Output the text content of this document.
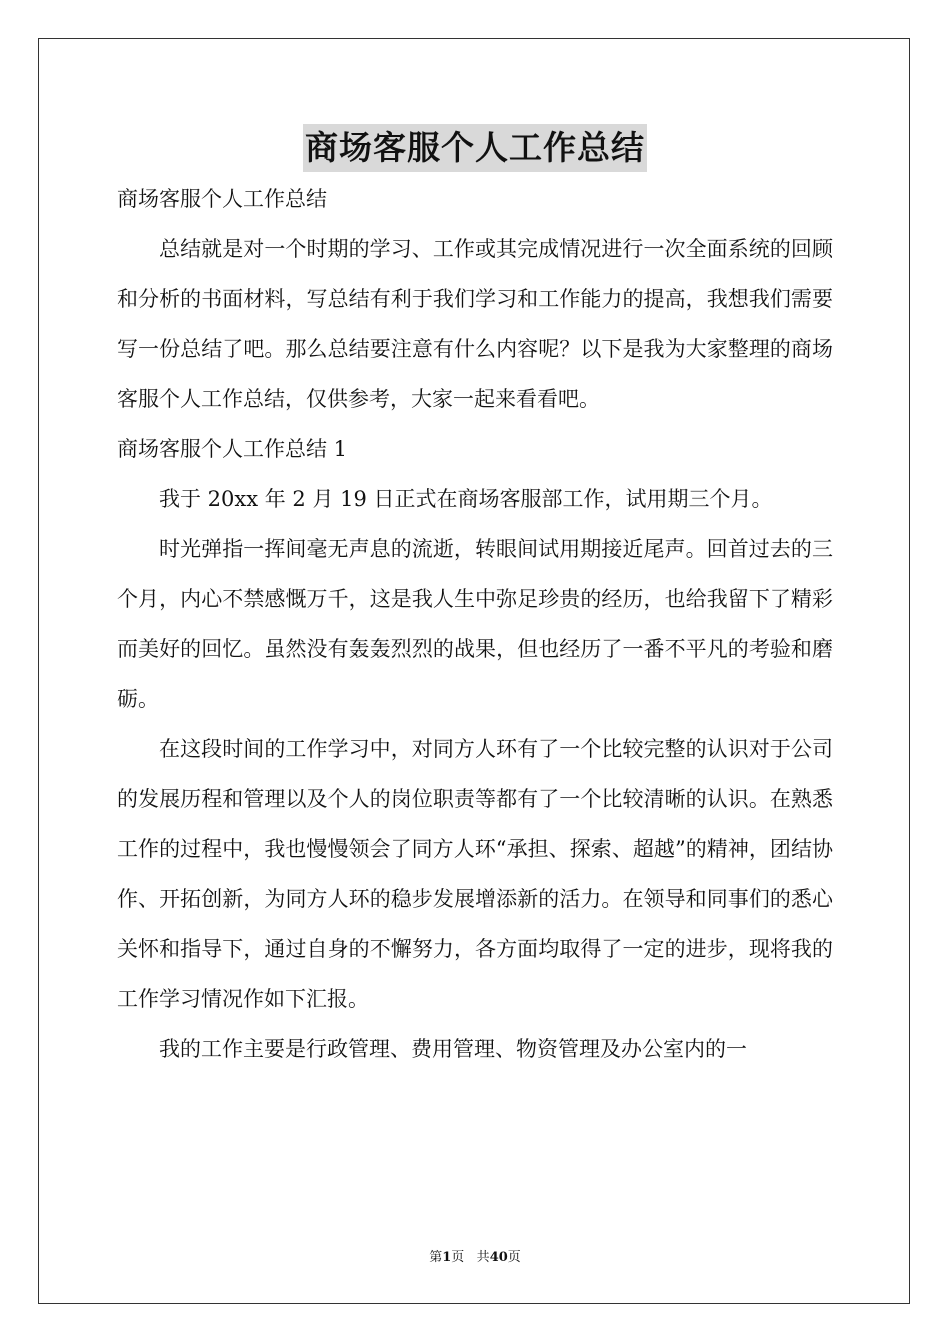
商场客服个人工作总结

商场客服个人工作总结

总结就是对一个时期的学习、工作或其完成情况进行一次全面系统的回顾和分析的书面材料，写总结有利于我们学习和工作能力的提高，我想我们需要写一份总结了吧。那么总结要注意有什么内容呢？以下是我为大家整理的商场客服个人工作总结，仅供参考，大家一起来看看吧。

商场客服个人工作总结 1

我于 20xx 年 2 月 19 日正式在商场客服部工作，试用期三个月。

时光弹指一挥间毫无声息的流逝，转眼间试用期接近尾声。回首过去的三个月，内心不禁感慨万千，这是我人生中弥足珍贵的经历，也给我留下了精彩而美好的回忆。虽然没有轰轰烈烈的战果，但也经历了一番不平凡的考验和磨砺。

在这段时间的工作学习中，对同方人环有了一个比较完整的认识对于公司的发展历程和管理以及个人的岗位职责等都有了一个比较清晰的认识。在熟悉工作的过程中，我也慢慢领会了同方人环“承担、探索、超越”的精神，团结协作、开拓创新，为同方人环的稳步发展增添新的活力。在领导和同事们的悉心关怀和指导下，通过自身的不懈努力，各方面均取得了一定的进步，现将我的工作学习情况作如下汇报。

我的工作主要是行政管理、费用管理、物资管理及办公室内的一

第1页 共40页
